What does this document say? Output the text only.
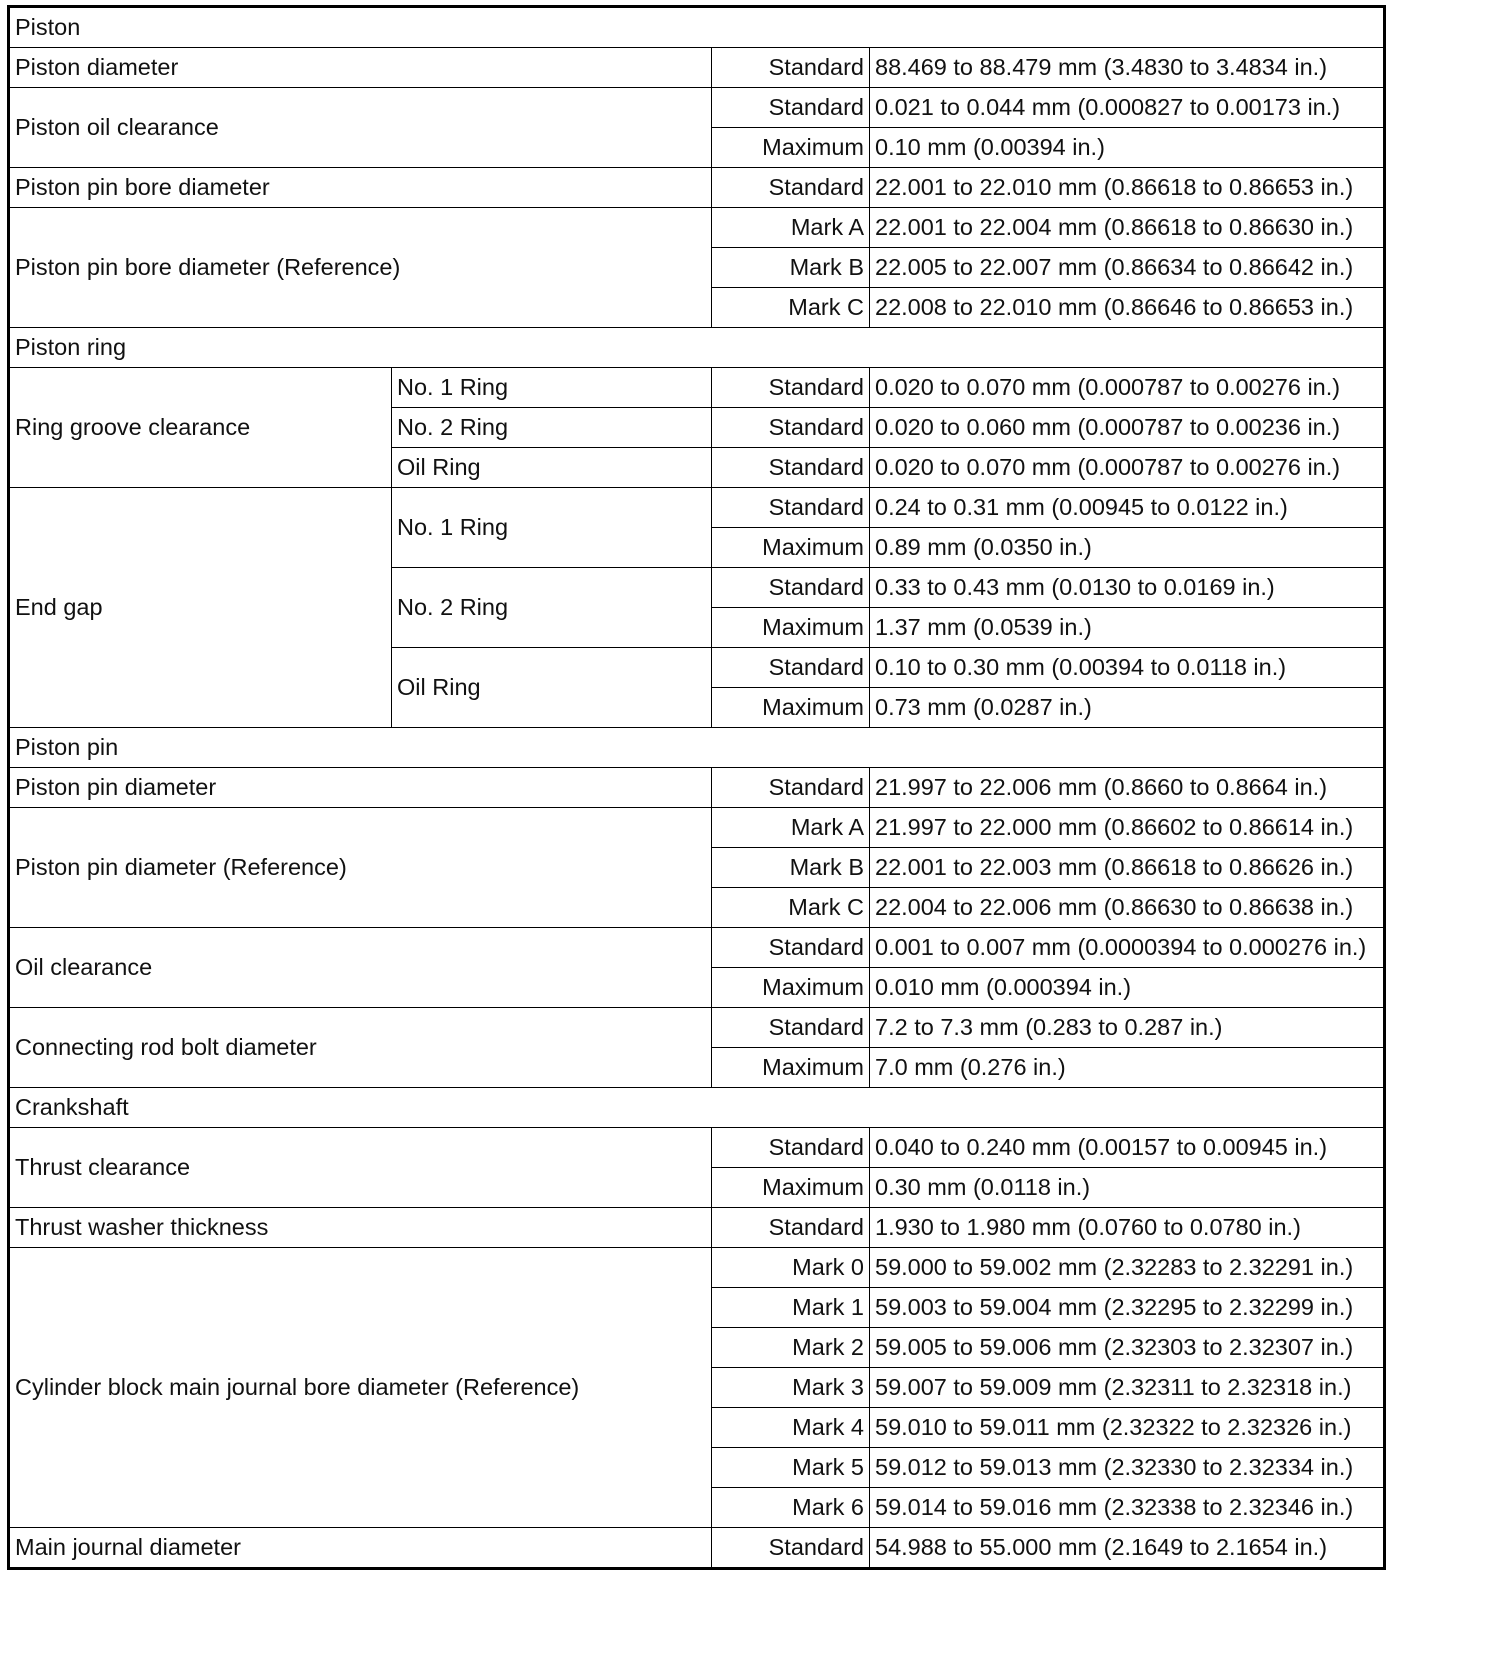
Piston			
Piston diameter		Standard	88.469 to 88.479 mm (3.4830 to 3.4834 in.)
Piston oil clearance		Standard	0.021 to 0.044 mm (0.000827 to 0.00173 in.)
		Maximum	0.10 mm (0.00394 in.)
Piston pin bore diameter		Standard	22.001 to 22.010 mm (0.86618 to 0.86653 in.)
Piston pin bore diameter (Reference)		Mark A	22.001 to 22.004 mm (0.86618 to 0.86630 in.)
		Mark B	22.005 to 22.007 mm (0.86634 to 0.86642 in.)
		Mark C	22.008 to 22.010 mm (0.86646 to 0.86653 in.)
Piston ring			
Ring groove clearance	No. 1 Ring	Standard	0.020 to 0.070 mm (0.000787 to 0.00276 in.)
	No. 2 Ring	Standard	0.020 to 0.060 mm (0.000787 to 0.00236 in.)
	Oil Ring	Standard	0.020 to 0.070 mm (0.000787 to 0.00276 in.)
End gap	No. 1 Ring	Standard	0.24 to 0.31 mm (0.00945 to 0.0122 in.)
		Maximum	0.89 mm (0.0350 in.)
	No. 2 Ring	Standard	0.33 to 0.43 mm (0.0130 to 0.0169 in.)
		Maximum	1.37 mm (0.0539 in.)
	Oil Ring	Standard	0.10 to 0.30 mm (0.00394 to 0.0118 in.)
		Maximum	0.73 mm (0.0287 in.)
Piston pin			
Piston pin diameter		Standard	21.997 to 22.006 mm (0.8660 to 0.8664 in.)
Piston pin diameter (Reference)		Mark A	21.997 to 22.000 mm (0.86602 to 0.86614 in.)
		Mark B	22.001 to 22.003 mm (0.86618 to 0.86626 in.)
		Mark C	22.004 to 22.006 mm (0.86630 to 0.86638 in.)
Oil clearance		Standard	0.001 to 0.007 mm (0.0000394 to 0.000276 in.)
		Maximum	0.010 mm (0.000394 in.)
Connecting rod bolt diameter		Standard	7.2 to 7.3 mm (0.283 to 0.287 in.)
		Maximum	7.0 mm (0.276 in.)
Crankshaft			
Thrust clearance		Standard	0.040 to 0.240 mm (0.00157 to 0.00945 in.)
		Maximum	0.30 mm (0.0118 in.)
Thrust washer thickness		Standard	1.930 to 1.980 mm (0.0760 to 0.0780 in.)
Cylinder block main journal bore diameter (Reference)		Mark 0	59.000 to 59.002 mm (2.32283 to 2.32291 in.)
		Mark 1	59.003 to 59.004 mm (2.32295 to 2.32299 in.)
		Mark 2	59.005 to 59.006 mm (2.32303 to 2.32307 in.)
		Mark 3	59.007 to 59.009 mm (2.32311 to 2.32318 in.)
		Mark 4	59.010 to 59.011 mm (2.32322 to 2.32326 in.)
		Mark 5	59.012 to 59.013 mm (2.32330 to 2.32334 in.)
		Mark 6	59.014 to 59.016 mm (2.32338 to 2.32346 in.)
Main journal diameter		Standard	54.988 to 55.000 mm (2.1649 to 2.1654 in.)
